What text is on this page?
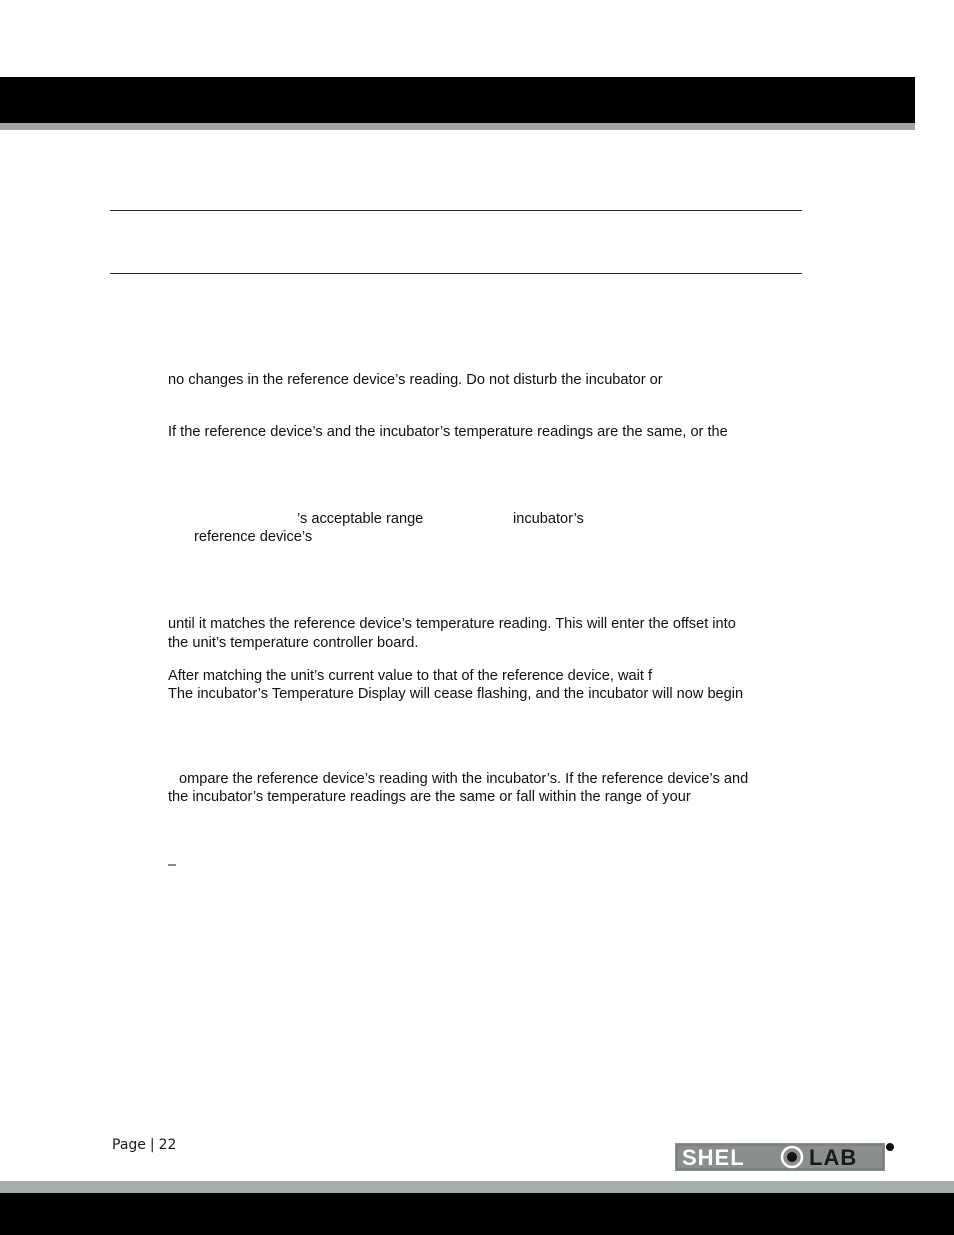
no changes in the reference device’s reading. Do not disturb the incubator or
If the reference device’s and the incubator’s temperature readings are the same, or the
’s acceptable range	incubator’s
reference device’s
until it matches the reference device’s temperature reading. This will enter the offset into
the unit’s temperature controller board.
After matching the unit’s current value to that of the reference device, wait f
The incubator’s Temperature Display will cease flashing, and the incubator will now begin
ompare the reference device’s reading with the incubator’s. If the reference device’s and
the incubator’s temperature readings are the same or fall within the range of your
–
Page | 22	SHEL	LAB
